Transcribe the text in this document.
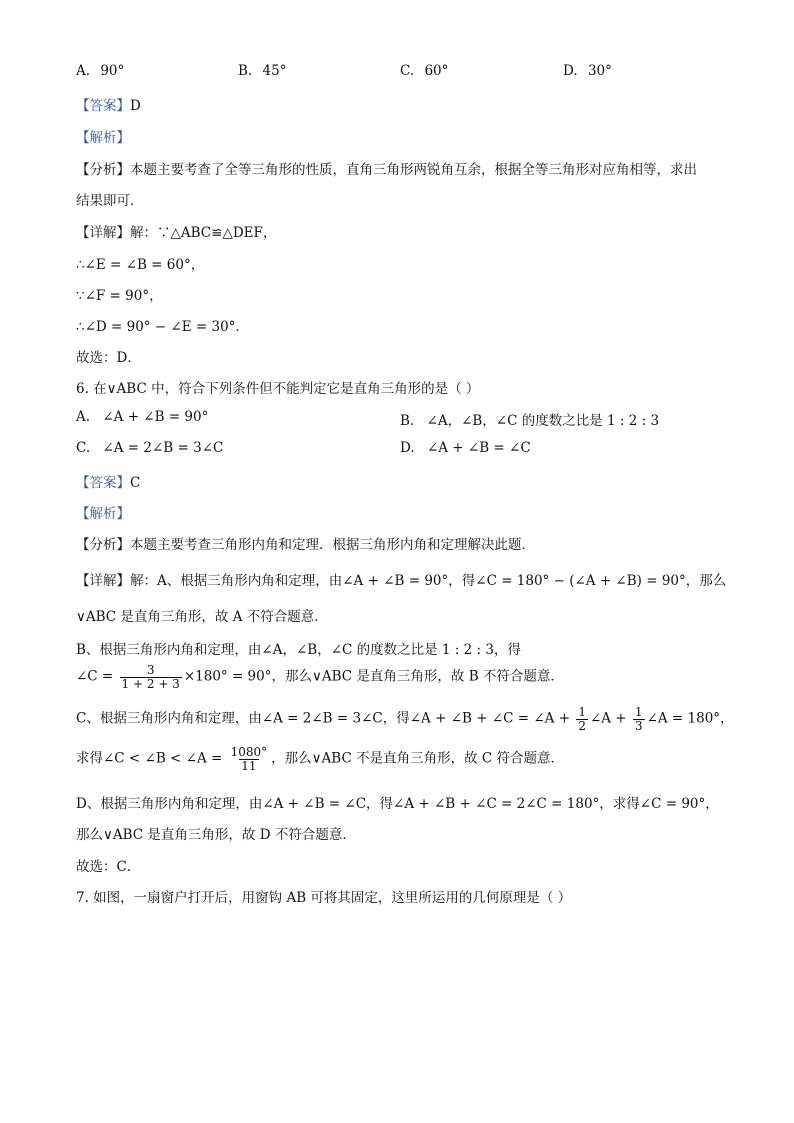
A. 90°	B. 45°	C. 60°	D. 30°
【答案】D
【解析】
【分析】本题主要考查了全等三角形的性质，直角三角形两锐角互余，根据全等三角形对应角相等，求出
结果即可．
【详解】解：∵△ABC≌△DEF，
∴∠E = ∠B = 60°，
∵∠F = 90°，
∴∠D = 90° − ∠E = 30°．
故选：D．
6. 在∨ABC 中，符合下列条件但不能判定它是直角三角形的是（ ）
A. ∠A + ∠B = 90°	B. ∠A，∠B，∠C 的度数之比是 1 : 2 : 3
C. ∠A = 2∠B = 3∠C	D. ∠A + ∠B = ∠C
【答案】C
【解析】
【分析】本题主要考查三角形内角和定理．根据三角形内角和定理解决此题．
【详解】解：A、根据三角形内角和定理，由∠A + ∠B = 90°，得∠C = 180° − (∠A + ∠B) = 90°，那么
∨ABC 是直角三角形，故 A 不符合题意．
B、根据三角形内角和定理，由∠A，∠B，∠C 的度数之比是 1 : 2 : 3，得
∠C = $\frac{3}{1 + 2 + 3} \times 180^\circ = 90^\circ$，那么∨ABC 是直角三角形，故 B 不符合题意．
C、根据三角形内角和定理，由∠A = 2∠B = 3∠C，得∠A + ∠B + ∠C = ∠A + $\frac{1}{2}$ ∠A + $\frac{1}{3}$ ∠A = 180°，
求得∠C < ∠B < ∠A = $\frac{1080^\circ}{11}$ ，那么∨ABC 不是直角三角形，故 C 符合题意．
D、根据三角形内角和定理，由∠A + ∠B = ∠C，得∠A + ∠B + ∠C = 2∠C = 180°，求得∠C = 90°，
那么∨ABC 是直角三角形，故 D 不符合题意．
故选：C．
7. 如图，一扇窗户打开后，用窗钩 AB 可将其固定，这里所运用的几何原理是（ ）
